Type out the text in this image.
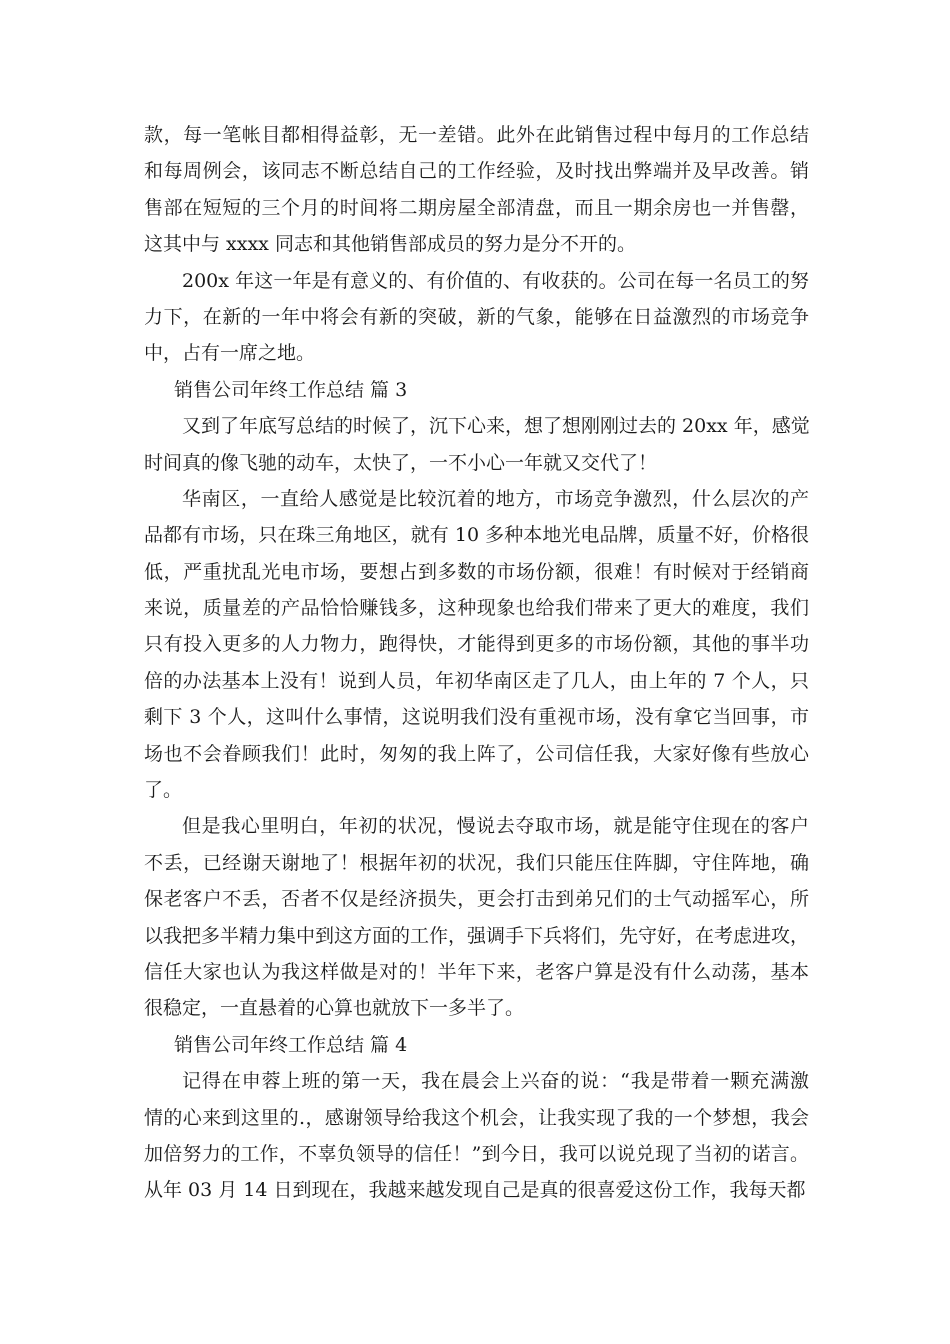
款，每一笔帐目都相得益彰，无一差错。此外在此销售过程中每月的工作总结
和每周例会，该同志不断总结自己的工作经验，及时找出弊端并及早改善。销
售部在短短的三个月的时间将二期房屋全部清盘，而且一期余房也一并售罄，
这其中与 xxxx 同志和其他销售部成员的努力是分不开的。
200x 年这一年是有意义的、有价值的、有收获的。公司在每一名员工的努
力下，在新的一年中将会有新的突破，新的气象，能够在日益激烈的市场竞争
中，占有一席之地。
销售公司年终工作总结 篇 3
又到了年底写总结的时候了，沉下心来，想了想刚刚过去的 20xx 年，感觉
时间真的像飞驰的动车，太快了，一不小心一年就又交代了！
华南区，一直给人感觉是比较沉着的地方，市场竞争激烈，什么层次的产
品都有市场，只在珠三角地区，就有 10 多种本地光电品牌，质量不好，价格很
低，严重扰乱光电市场，要想占到多数的市场份额，很难！有时候对于经销商
来说，质量差的产品恰恰赚钱多，这种现象也给我们带来了更大的难度，我们
只有投入更多的人力物力，跑得快，才能得到更多的市场份额，其他的事半功
倍的办法基本上没有！说到人员，年初华南区走了几人，由上年的 7 个人，只
剩下 3 个人，这叫什么事情，这说明我们没有重视市场，没有拿它当回事，市
场也不会眷顾我们！此时，匆匆的我上阵了，公司信任我，大家好像有些放心
了。
但是我心里明白，年初的状况，慢说去夺取市场，就是能守住现在的客户
不丢，已经谢天谢地了！根据年初的状况，我们只能压住阵脚，守住阵地，确
保老客户不丢，否者不仅是经济损失，更会打击到弟兄们的士气动摇军心，所
以我把多半精力集中到这方面的工作，强调手下兵将们，先守好，在考虑进攻，
信任大家也认为我这样做是对的！半年下来，老客户算是没有什么动荡，基本
很稳定，一直悬着的心算也就放下一多半了。
销售公司年终工作总结 篇 4
记得在申蓉上班的第一天，我在晨会上兴奋的说：“我是带着一颗充满激
情的心来到这里的.，感谢领导给我这个机会，让我实现了我的一个梦想，我会
加倍努力的工作，不辜负领导的信任！”到今日，我可以说兑现了当初的诺言。
从年 03 月 14 日到现在，我越来越发现自己是真的很喜爱这份工作，我每天都
